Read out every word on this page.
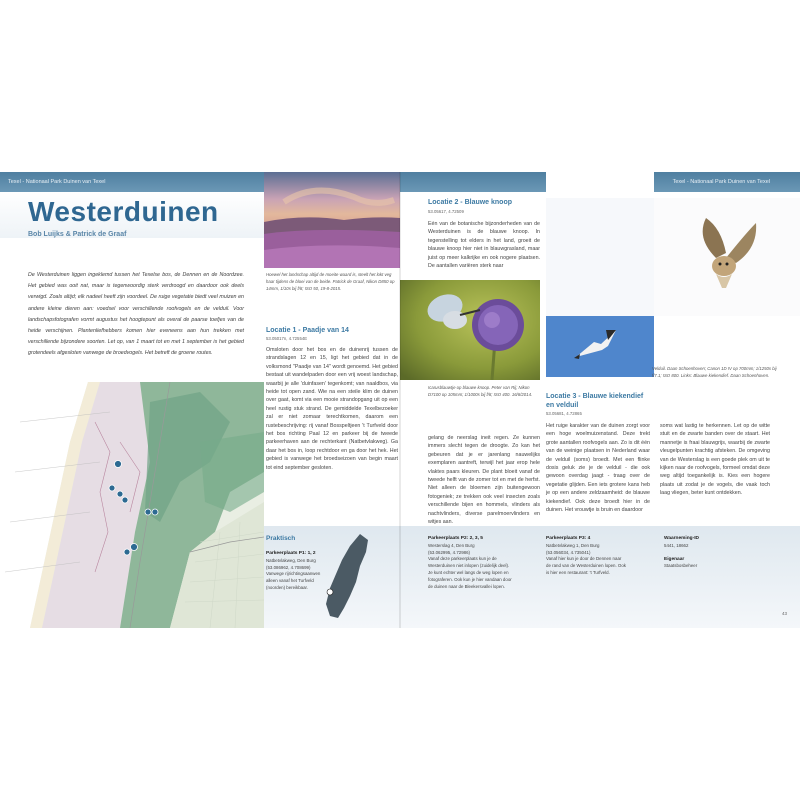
Texel - Nationaal Park Duinen van Texel	Texel - Nationaal Park Duinen van Texel
Westerduinen
Bob Luijks & Patrick de Graaf
De Westerduinen liggen ingeklemd tussen het Texelse bos, de Dennen en de Noordzee. Het gebied was ooit nat, maar is tegenwoordig sterk verdroogd en daardoor ook deels verwigd. Zoals altijd; elk nadeel heeft zijn voordeel. De ruige vegetatie biedt veel muizen en andere kleine dieren aan: voedsel voor verschillende roofvogels en de velduil. Voor landschapsfotografen vormt augustus het hoogtepunt als overal de paarse toefjes van de heide verschijnen. Plantenliefhebbers komen hier eveneens aan hun trekken met verschillende bijzondere soorten. Let op, van 1 maart tot en met 1 september is het gebied grotendeels afgesloten vanwege de broedvogels. Het betreft de groene routes.
Hoewel het landschap altijd de moeite waard is, steelt het lokt veg haar tijdens de bloei van de beide. Patrick de Graaf, Nikon D850 op 14mm, 1/10s bij f/8; ISO 50, 19-8-2015.
Locatie 1 - Paadje van 14
53.05017n, 4.72554E
Omsloten door het bos en de duinenrij tussen de strandslagen 12 en 15, ligt het gebied dat in de volksmond "Paadje van 14" wordt genoemd. Het gebied bestaat uit wandelpaden door een vrij woest landschap, waarbij je alle 'duinfasen' tegenkomt; van naaldbos, via heide tot open zand. Wie na een steile klim de duinen over gaat, komt via een mooie strandopgang uit op een heel rustig stuk strand. De gemiddelde Texelbezoeker zal er niet zomaar terechtkomen, daarom een rustebeschrijving: rij vanaf Bosspeltjeen 't Turfveld door het bos richting Paal 12 en parkeer bij de tweede parkeerhaven aan de rechterkant (Natbetvlakweg). Ga daar het bos in, loop rechtdoor en ga door het hek. Het gebied is vanwege het broedseizoen van begin maart tot eind september gesloten.
Locatie 2 - Blauwe knoop
53.05617, 4.72509
Eén van de botanische bijzonderheden van de Westerduinen is de blauwe knoop. In tegenstelling tot elders in het land, groeit de blauwe knoop hier niet in blauwgrasland, maar juist op meer kalkrijke en ook nogere plaatsen. De aantallen variëren sterk naar
Icarusblauwtje op blauwe knoop. Peter van Rij; Nikon D7100 op 105mm; 1/1000s bij f/8; ISO 400. 16/8/2014.
gelang de neerslag ineit regen. Ze kunnen immers slecht tegen de droogte. Zo kan het gebeuren dat je er jarenlang nauwelijks exemplaren aantreft, terwijl het jaar erop hele vlaktes paars kleuren. De plant bloeit vanaf de tweede helft van de zomer tot en met de herfst. Niet alleen de bloemen zijn buitengewoon fotogeniek; ze trekken ook veel insecten zoals verschillende bijen en hommels, vlinders als nachtvlinders, diverse parelmoervlinders en witjes aan.
Velduil. Daan Schoenhoven; Canon 1D IV op 700mm; 1/1250s bij f/7.1; ISO 800. Links: Blauwe kiekendief. Daan Schoenhoven.
Locatie 3 - Blauwe kiekendief en velduil
53.05681, 4.72865
Het ruige karakter van de duinen zorgt voor een hoge woelmuizenstand. Deze trekt grote aantallen roofvogels aan. Zo is dit één van de weinige plaatsen in Nederland waar de velduil (soms) broedt. Met een flinke dosis geluk zie je de velduil - die ook gewoon overdag jaagt - traag over de vegetatie glijden. Een iets grotere kans heb je op een andere zeldzaamheid: de blauwe kiekendief. Ook deze broedt hier in de duinen. Het vrouwtje is bruin en daardoor
soms wat lastig te herkennen. Let op de witte stuit en de zwarte banden over de staart. Het mannetje is fraai blauwgrijs, waarbij de zwarte vleugelpunten krachtig afsteken. De omgeving van de Westerslag is een goede plek om uit te kijken naar de roofvogels, formeel omdat deze weg altijd toegankelijk is. Kies een hogere plaats uit zodat je de vogels, die vaak toch laag vliegen, beter kunt ontdekken.
Praktisch
Parkeerplaats P1: 1, 2
Natbetvlakweg, Den Burg
(53.086962, 4.708699)
Vanwege rijrichtingsaanwen
alleen vanaf het Turfveld
(noorden) bereikbaar.
Parkeerplaats P2: 2, 3, 5
Westerslag 4, Den Burg
(53.062995, 4.72986)
Vanaf deze parkeerplaats kun je de
Westerduinen niet inlopen (zuidelijk deel).
Je kunt echter wel langs de weg lopen en
fotograferen. Ook kun je hier vandaan door
de duinen naar de Bleekersvallei lopen.
Parkeerplaats P3: 4
Natbetvlakweg 1, Den Burg
(53.056034, 4.735041)
Vanaf hier kun je door de Dennen naar
de rand van de Westerduinen lopen. Ook
is hier een restaurant: 't Turfveld.
Waarneming-ID
5441, 18662
Eigenaar
Staatsbosbeheer
43
